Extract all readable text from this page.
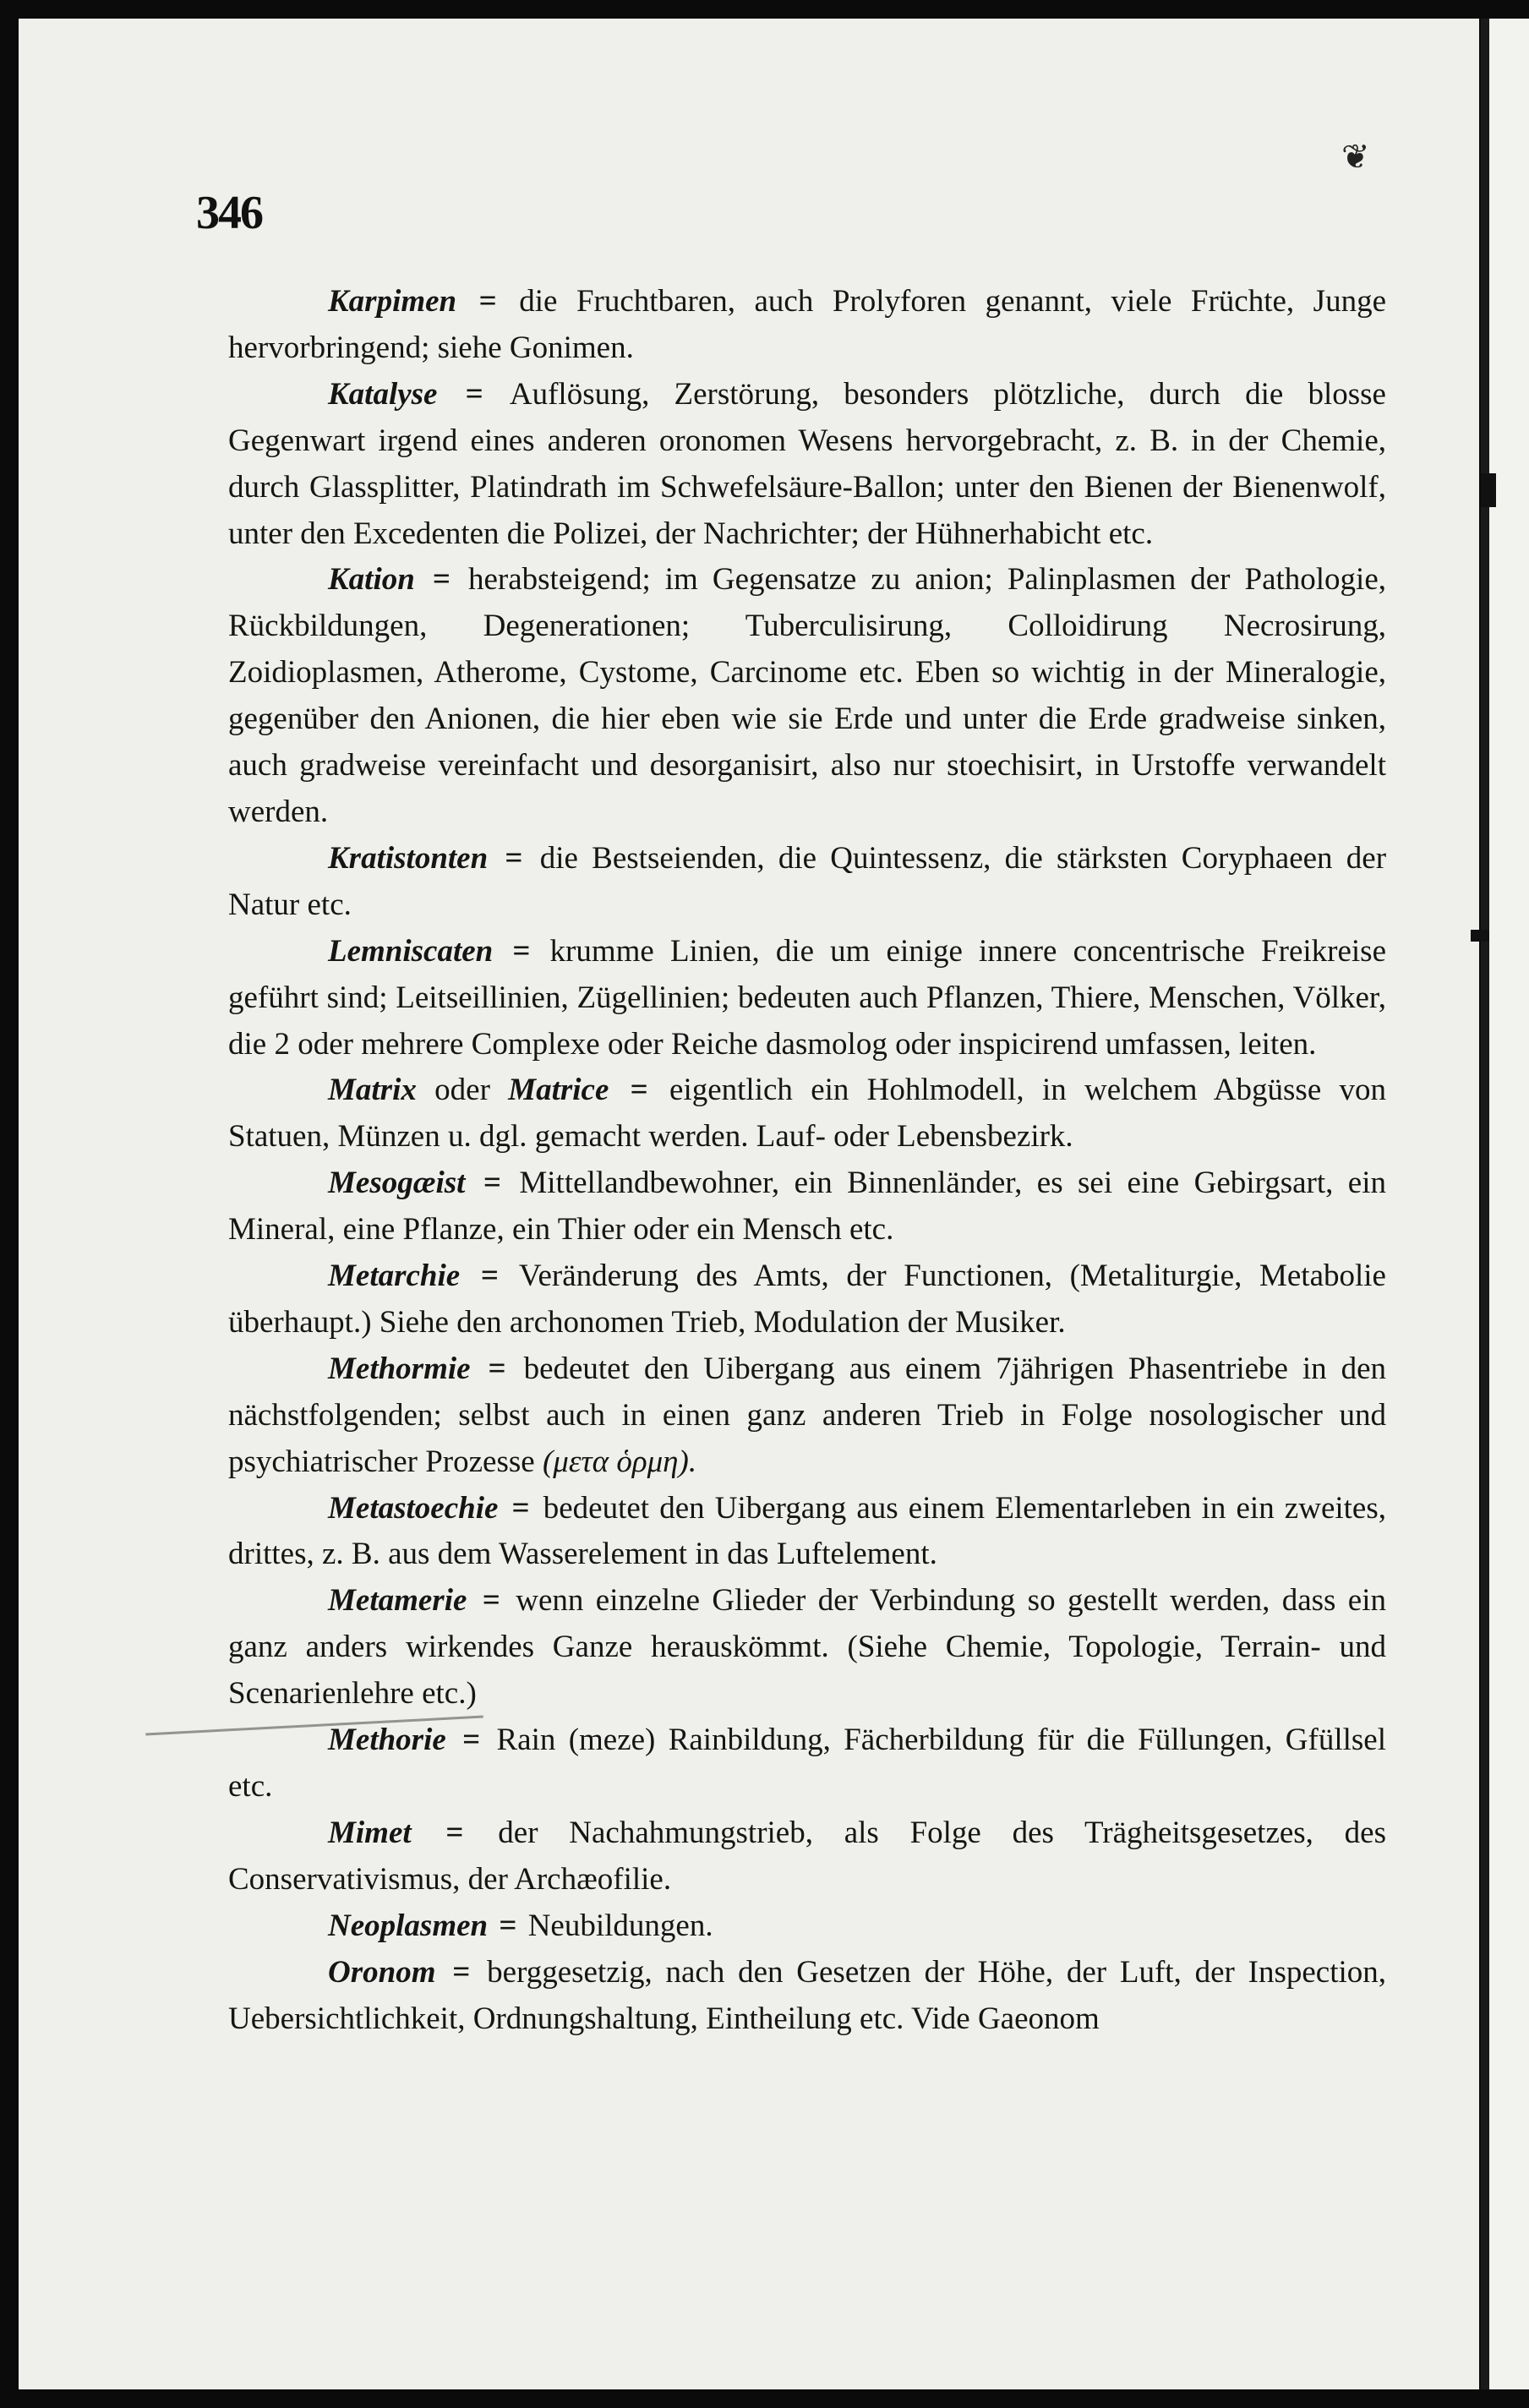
346
❦

Karpimen = die Fruchtbaren, auch Prolyforen genannt, viele Früchte, Junge hervorbringend; siehe Gonimen.

Katalyse = Auflösung, Zerstörung, besonders plötzliche, durch die blosse Gegenwart irgend eines anderen oronomen Wesens hervorgebracht, z. B. in der Chemie, durch Glassplitter, Platindrath im Schwefelsäure-Ballon; unter den Bienen der Bienenwolf, unter den Excedenten die Polizei, der Nachrichter; der Hühnerhabicht etc.

Kation = herabsteigend; im Gegensatze zu anion; Palinplasmen der Pathologie, Rückbildungen, Degenerationen; Tuberculisirung, Colloidirung Necrosirung, Zoidioplasmen, Atherome, Cystome, Carcinome etc. Eben so wichtig in der Mineralogie, gegenüber den Anionen, die hier eben wie sie Erde und unter die Erde gradweise sinken, auch gradweise vereinfacht und desorganisirt, also nur stoechisirt, in Urstoffe verwandelt werden.

Kratistonten = die Bestseienden, die Quintessenz, die stärksten Coryphaeen der Natur etc.

Lemniscaten = krumme Linien, die um einige innere concentrische Freikreise geführt sind; Leitseillinien, Zügellinien; bedeuten auch Pflanzen, Thiere, Menschen, Völker, die 2 oder mehrere Complexe oder Reiche dasmolog oder inspicirend umfassen, leiten.

Matrix oder Matrice = eigentlich ein Hohlmodell, in welchem Abgüsse von Statuen, Münzen u. dgl. gemacht werden. Lauf- oder Lebensbezirk.

Mesogæist = Mittellandbewohner, ein Binnenländer, es sei eine Gebirgsart, ein Mineral, eine Pflanze, ein Thier oder ein Mensch etc.

Metarchie = Veränderung des Amts, der Functionen, (Metaliturgie, Metabolie überhaupt.) Siehe den archonomen Trieb, Modulation der Musiker.

Methormie = bedeutet den Uibergang aus einem 7jährigen Phasentriebe in den nächstfolgenden; selbst auch in einen ganz anderen Trieb in Folge nosologischer und psychiatrischer Prozesse (μετα ὁρμη).

Metastoechie = bedeutet den Uibergang aus einem Elementarleben in ein zweites, drittes, z. B. aus dem Wasserelement in das Luftelement.

Metamerie = wenn einzelne Glieder der Verbindung so gestellt werden, dass ein ganz anders wirkendes Ganze herauskömmt. (Siehe Chemie, Topologie, Terrain- und Scenarienlehre etc.)

Methorie = Rain (meze) Rainbildung, Fächerbildung für die Füllungen, Gfüllsel etc.

Mimet = der Nachahmungstrieb, als Folge des Trägheitsgesetzes, des Conservativismus, der Archæofilie.

Neoplasmen = Neubildungen.

Oronom = berggesetzig, nach den Gesetzen der Höhe, der Luft, der Inspection, Uebersichtlichkeit, Ordnungshaltung, Eintheilung etc. Vide Gaeonom
